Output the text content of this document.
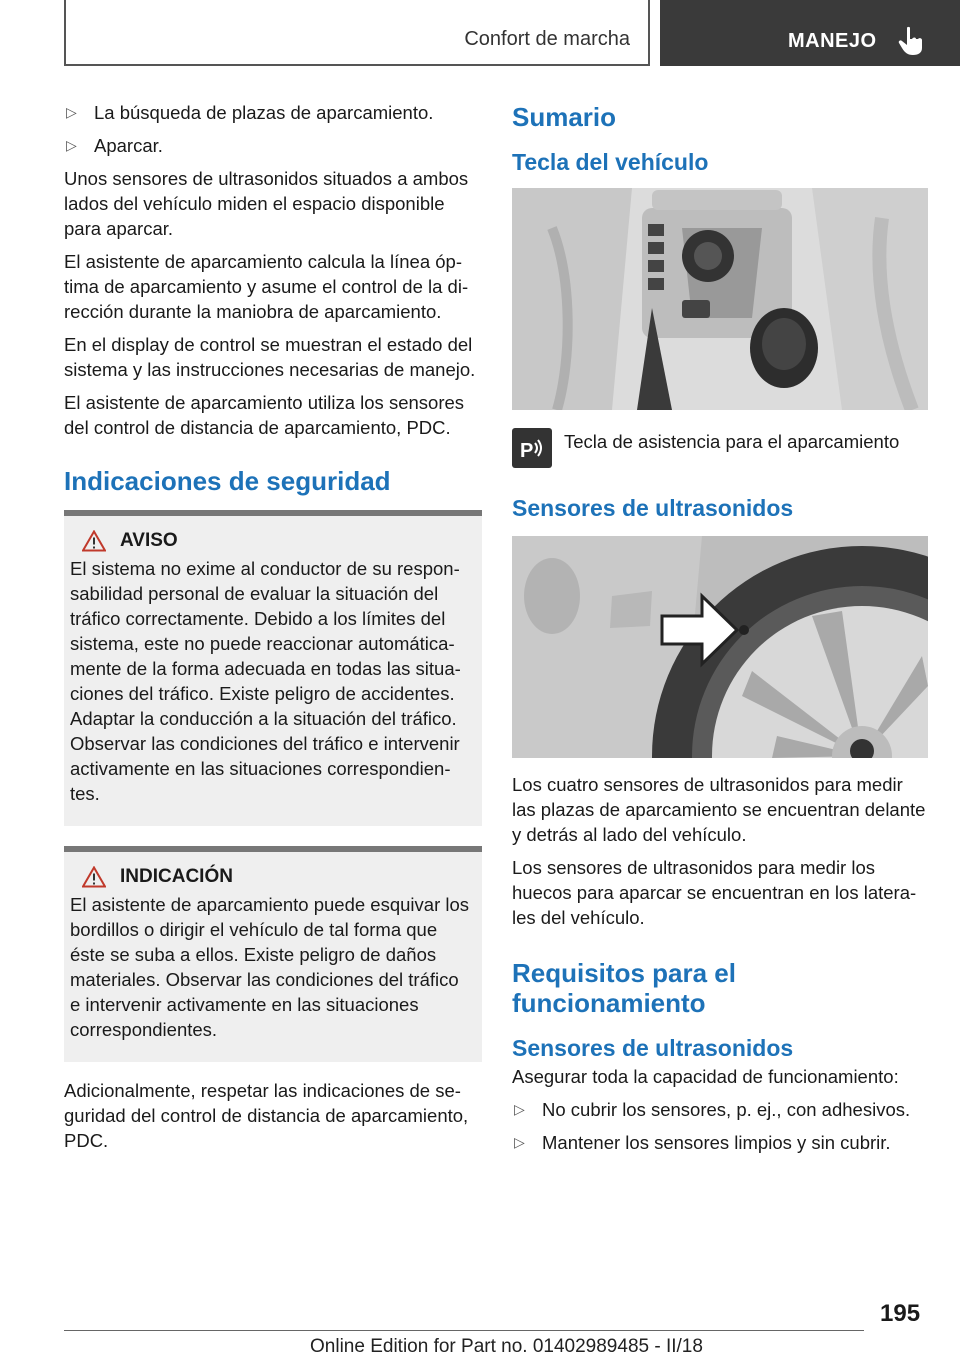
Confort de marcha	MANEJO
▷ La búsqueda de plazas de aparcamiento.
▷ Aparcar.

Unos sensores de ultrasonidos situados a ambos lados del vehículo miden el espacio disponible para aparcar.

El asistente de aparcamiento calcula la línea óptima de aparcamiento y asume el control de la dirección durante la maniobra de aparcamiento.

En el display de control se muestran el estado del sistema y las instrucciones necesarias de manejo.

El asistente de aparcamiento utiliza los sensores del control de distancia de aparcamiento, PDC.

Indicaciones de seguridad
AVISO

El sistema no exime al conductor de su responsabilidad personal de evaluar la situación del tráfico correctamente. Debido a los límites del sistema, este no puede reaccionar automáticamente de la forma adecuada en todas las situaciones del tráfico. Existe peligro de accidentes. Adaptar la conducción a la situación del tráfico. Observar las condiciones del tráfico e intervenir activamente en las situaciones correspondientes.

INDICACIÓN

El asistente de aparcamiento puede esquivar los bordillos o dirigir el vehículo de tal forma que éste se suba a ellos. Existe peligro de daños materiales. Observar las condiciones del tráfico e intervenir activamente en las situaciones correspondientes.

Adicionalmente, respetar las indicaciones de seguridad del control de distancia de aparcamiento, PDC.

Sumario
Tecla del vehículo
P Tecla de asistencia para el aparcamiento
Sensores de ultrasonidos

Los cuatro sensores de ultrasonidos para medir las plazas de aparcamiento se encuentran delante y detrás al lado del vehículo.

Los sensores de ultrasonidos para medir los huecos para aparcar se encuentran en los laterales del vehículo.

Requisitos para el funcionamiento
Sensores de ultrasonidos

Asegurar toda la capacidad de funcionamiento:

▷ No cubrir los sensores, p. ej., con adhesivos.
▷ Mantener los sensores limpios y sin cubrir.
195
Online Edition for Part no. 01402989485 - II/18
